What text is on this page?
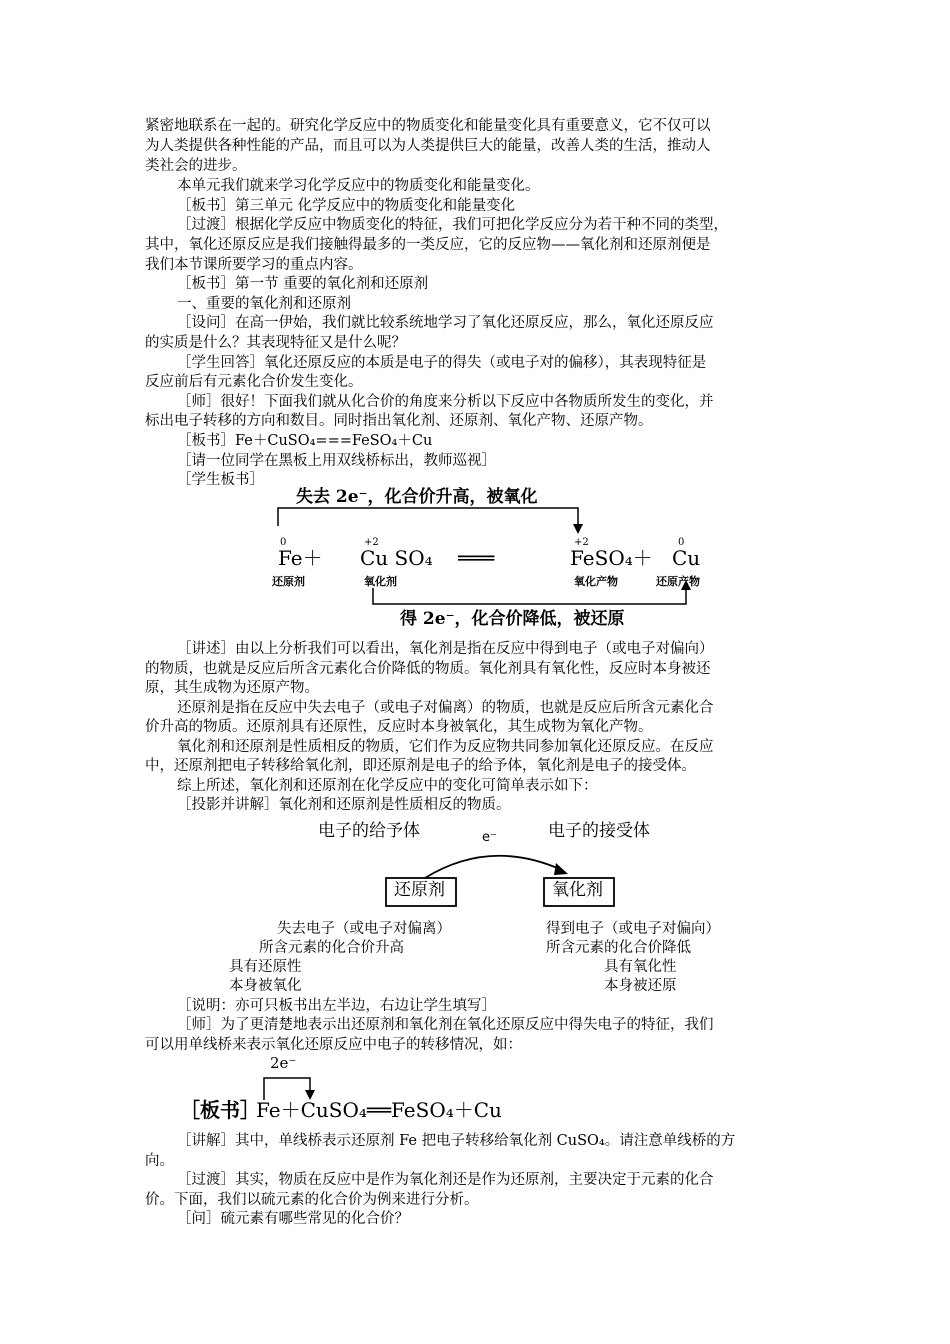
紧密地联系在一起的。研究化学反应中的物质变化和能量变化具有重要意义，它不仅可以
为人类提供各种性能的产品，而且可以为人类提供巨大的能量，改善人类的生活，推动人
类社会的进步。
本单元我们就来学习化学反应中的物质变化和能量变化。
［板书］第三单元 化学反应中的物质变化和能量变化
［过渡］根据化学反应中物质变化的特征，我们可把化学反应分为若干种不同的类型，
其中，氧化还原反应是我们接触得最多的一类反应，它的反应物——氧化剂和还原剂便是
我们本节课所要学习的重点内容。
［板书］第一节 重要的氧化剂和还原剂
一、重要的氧化剂和还原剂
［设问］在高一伊始，我们就比较系统地学习了氧化还原反应，那么，氧化还原反应
的实质是什么？其表现特征又是什么呢？
［学生回答］氧化还原反应的本质是电子的得失（或电子对的偏移），其表现特征是
反应前后有元素化合价发生变化。
［师］很好！下面我们就从化合价的角度来分析以下反应中各物质所发生的变化，并
标出电子转移的方向和数目。同时指出氧化剂、还原剂、氧化产物、还原产物。
［板书］Fe＋CuSO₄===FeSO₄＋Cu
［请一位同学在黑板上用双线桥标出，教师巡视］
［学生板书］
失去 2e⁻，化合价升高，被氧化
0	+2	+2	0
Fe＋ Cu SO₄ ═══	FeSO₄＋ Cu
还原剂	氧化剂	氧化产物	还原产物
得 2e⁻，化合价降低，被还原
［讲述］由以上分析我们可以看出，氧化剂是指在反应中得到电子（或电子对偏向）
的物质，也就是反应后所含元素化合价降低的物质。氧化剂具有氧化性，反应时本身被还
原，其生成物为还原产物。
还原剂是指在反应中失去电子（或电子对偏离）的物质，也就是反应后所含元素化合
价升高的物质。还原剂具有还原性，反应时本身被氧化，其生成物为氧化产物。
氧化剂和还原剂是性质相反的物质，它们作为反应物共同参加氧化还原反应。在反应
中，还原剂把电子转移给氧化剂，即还原剂是电子的给予体，氧化剂是电子的接受体。
综上所述，氧化剂和还原剂在化学反应中的变化可简单表示如下：
［投影并讲解］氧化剂和还原剂是性质相反的物质。
电子的给予体	e⁻	电子的接受体
还原剂	氧化剂
失去电子（或电子对偏离）
所含元素的化合价升高
具有还原性
本身被氧化
得到电子（或电子对偏向）
所含元素的化合价降低
具有氧化性
本身被还原
［说明：亦可只板书出左半边，右边让学生填写］
［师］为了更清楚地表示出还原剂和氧化剂在氧化还原反应中得失电子的特征，我们
可以用单线桥来表示氧化还原反应中电子的转移情况，如：
2e⁻
［板书］
Fe＋CuSO₄══FeSO₄＋Cu
［讲解］其中，单线桥表示还原剂 Fe 把电子转移给氧化剂 CuSO₄。请注意单线桥的方
向。
［过渡］其实，物质在反应中是作为氧化剂还是作为还原剂，主要决定于元素的化合
价。下面，我们以硫元素的化合价为例来进行分析。
［问］硫元素有哪些常见的化合价？
